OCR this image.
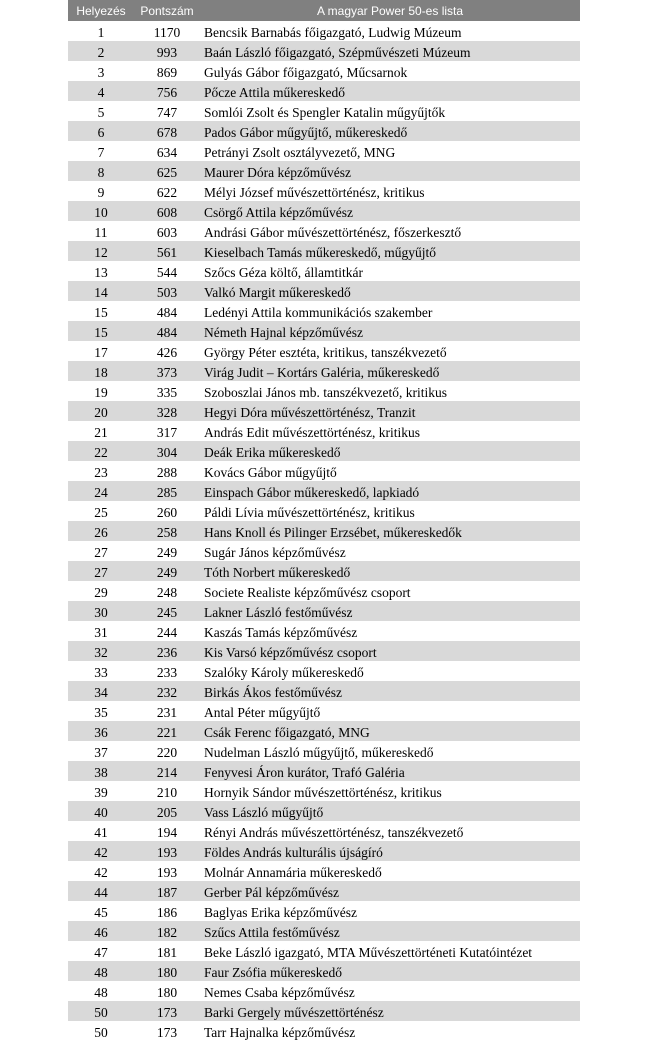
Helyezés	Pontszám	A magyar Power 50-es lista
1	1170	Bencsik Barnabás főigazgató, Ludwig Múzeum
2	993	Baán László főigazgató, Szépművészeti Múzeum
3	869	Gulyás Gábor főigazgató, Műcsarnok
4	756	Pőcze Attila műkereskedő
5	747	Somlói Zsolt és Spengler Katalin műgyűjtők
6	678	Pados Gábor műgyűjtő, műkereskedő
7	634	Petrányi Zsolt osztályvezető, MNG
8	625	Maurer Dóra képzőművész
9	622	Mélyi József művészettörténész, kritikus
10	608	Csörgő Attila képzőművész
11	603	Andrási Gábor művészettörténész, főszerkesztő
12	561	Kieselbach Tamás műkereskedő, műgyűjtő
13	544	Szőcs Géza költő, államtitkár
14	503	Valkó Margit műkereskedő
15	484	Ledényi Attila kommunikációs szakember
15	484	Németh Hajnal képzőművész
17	426	György Péter esztéta, kritikus, tanszékvezető
18	373	Virág Judit – Kortárs Galéria, műkereskedő
19	335	Szoboszlai János mb. tanszékvezető, kritikus
20	328	Hegyi Dóra művészettörténész, Tranzit
21	317	András Edit művészettörténész, kritikus
22	304	Deák Erika műkereskedő
23	288	Kovács Gábor műgyűjtő
24	285	Einspach Gábor műkereskedő, lapkiadó
25	260	Páldi Lívia művészettörténész, kritikus
26	258	Hans Knoll és Pilinger Erzsébet, műkereskedők
27	249	Sugár János képzőművész
27	249	Tóth Norbert műkereskedő
29	248	Societe Realiste képzőművész csoport
30	245	Lakner László festőművész
31	244	Kaszás Tamás képzőművész
32	236	Kis Varsó képzőművész csoport
33	233	Szalóky Károly műkereskedő
34	232	Birkás Ákos festőművész
35	231	Antal Péter műgyűjtő
36	221	Csák Ferenc főigazgató, MNG
37	220	Nudelman László műgyűjtő, műkereskedő
38	214	Fenyvesi Áron kurátor, Trafó Galéria
39	210	Hornyik Sándor művészettörténész, kritikus
40	205	Vass László műgyűjtő
41	194	Rényi András művészettörténész, tanszékvezető
42	193	Földes András kulturális újságíró
42	193	Molnár Annamária műkereskedő
44	187	Gerber Pál képzőművész
45	186	Baglyas Erika képzőművész
46	182	Szűcs Attila festőművész
47	181	Beke László igazgató, MTA Művészettörténeti Kutatóintézet
48	180	Faur Zsófia műkereskedő
48	180	Nemes Csaba képzőművész
50	173	Barki Gergely művészettörténész
50	173	Tarr Hajnalka képzőművész
